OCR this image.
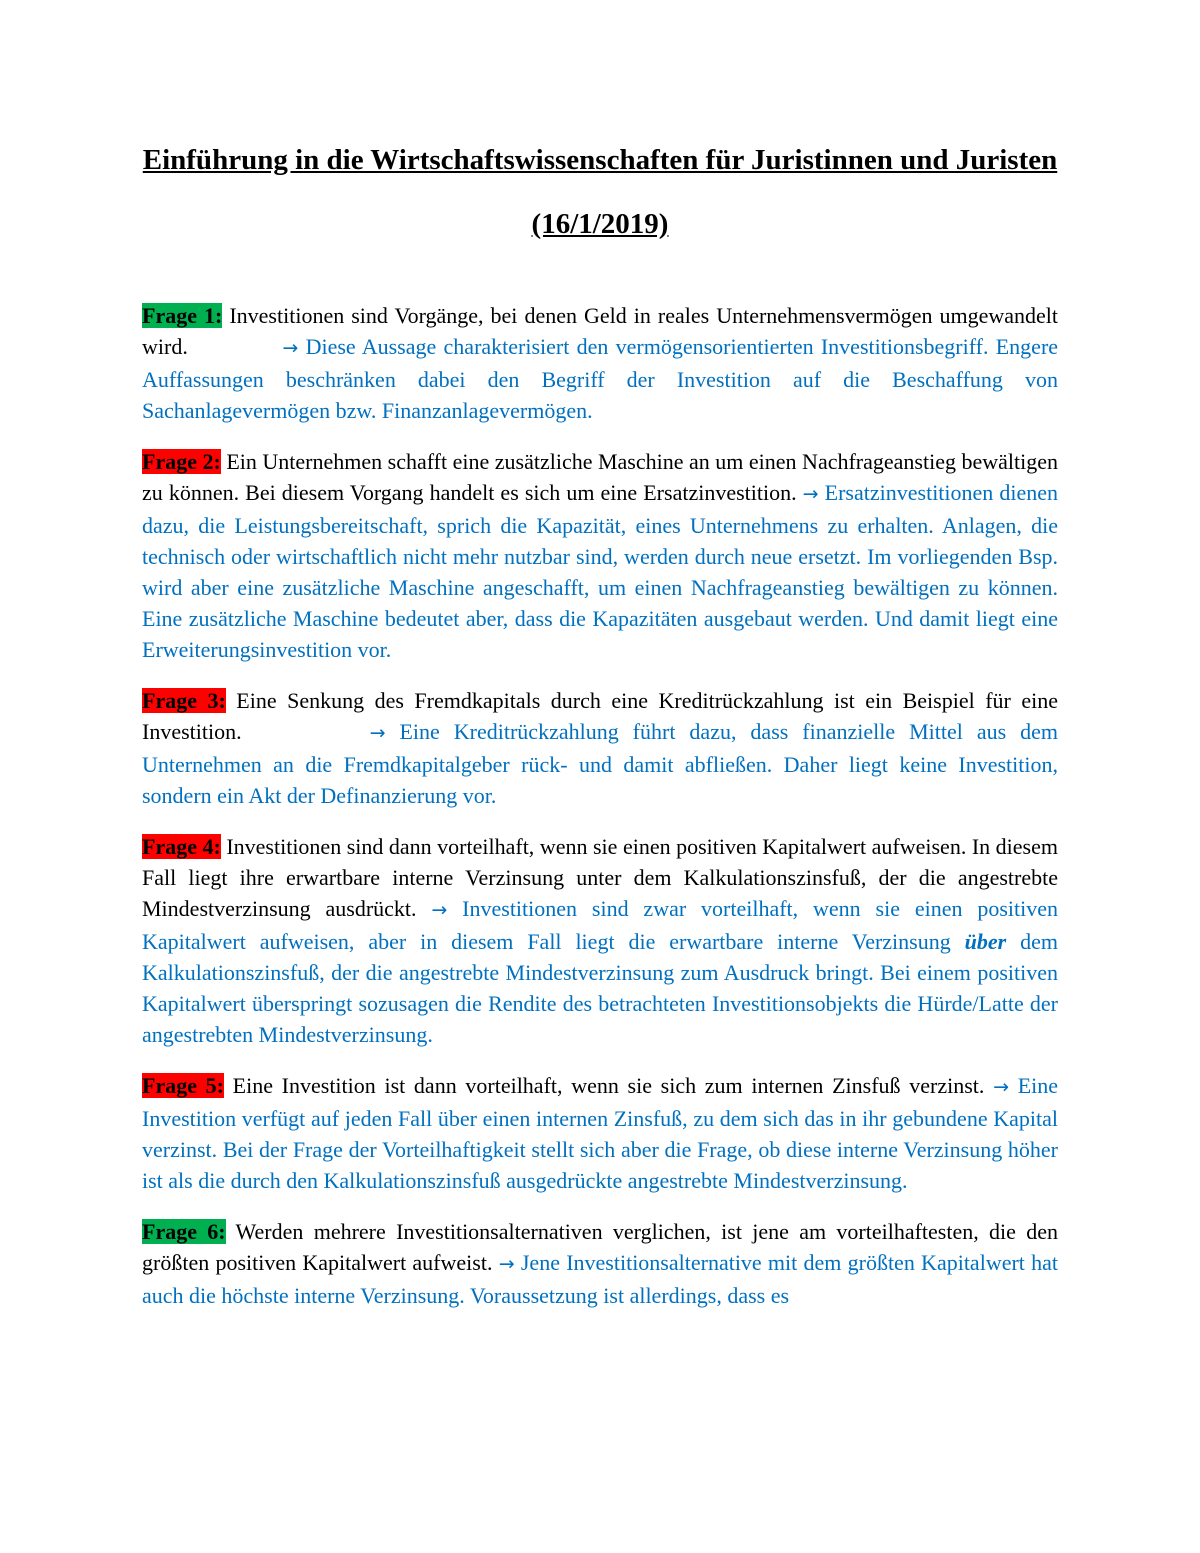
Einführung in die Wirtschaftswissenschaften für Juristinnen und Juristen

(16/1/2019)

Frage 1: Investitionen sind Vorgänge, bei denen Geld in reales Unternehmensvermögen umgewandelt wird.	→ Diese Aussage charakterisiert den vermögensorientierten Investitionsbegriff. Engere Auffassungen beschränken dabei den Begriff der Investition auf die Beschaffung von Sachanlagevermögen bzw. Finanzanlagevermögen.

Frage 2: Ein Unternehmen schafft eine zusätzliche Maschine an um einen Nachfrageanstieg bewältigen zu können. Bei diesem Vorgang handelt es sich um eine Ersatzinvestition. → Ersatzinvestitionen dienen dazu, die Leistungsbereitschaft, sprich die Kapazität, eines Unternehmens zu erhalten. Anlagen, die technisch oder wirtschaftlich nicht mehr nutzbar sind, werden durch neue ersetzt. Im vorliegenden Bsp. wird aber eine zusätzliche Maschine angeschafft, um einen Nachfrageanstieg bewältigen zu können. Eine zusätzliche Maschine bedeutet aber, dass die Kapazitäten ausgebaut werden. Und damit liegt eine Erweiterungsinvestition vor.

Frage 3: Eine Senkung des Fremdkapitals durch eine Kreditrückzahlung ist ein Beispiel für eine Investition.	→ Eine Kreditrückzahlung führt dazu, dass finanzielle Mittel aus dem Unternehmen an die Fremdkapitalgeber rück- und damit abfließen. Daher liegt keine Investition, sondern ein Akt der Definanzierung vor.

Frage 4: Investitionen sind dann vorteilhaft, wenn sie einen positiven Kapitalwert aufweisen. In diesem Fall liegt ihre erwartbare interne Verzinsung unter dem Kalkulationszinsfuß, der die angestrebte Mindestverzinsung ausdrückt. → Investitionen sind zwar vorteilhaft, wenn sie einen positiven Kapitalwert aufweisen, aber in diesem Fall liegt die erwartbare interne Verzinsung über dem Kalkulationszinsfuß, der die angestrebte Mindestverzinsung zum Ausdruck bringt. Bei einem positiven Kapitalwert überspringt sozusagen die Rendite des betrachteten Investitionsobjekts die Hürde/Latte der angestrebten Mindestverzinsung.

Frage 5: Eine Investition ist dann vorteilhaft, wenn sie sich zum internen Zinsfuß verzinst. → Eine Investition verfügt auf jeden Fall über einen internen Zinsfuß, zu dem sich das in ihr gebundene Kapital verzinst. Bei der Frage der Vorteilhaftigkeit stellt sich aber die Frage, ob diese interne Verzinsung höher ist als die durch den Kalkulationszinsfuß ausgedrückte angestrebte Mindestverzinsung.

Frage 6: Werden mehrere Investitionsalternativen verglichen, ist jene am vorteilhaftesten, die den größten positiven Kapitalwert aufweist. → Jene Investitionsalternative mit dem größten Kapitalwert hat auch die höchste interne Verzinsung. Voraussetzung ist allerdings, dass es
